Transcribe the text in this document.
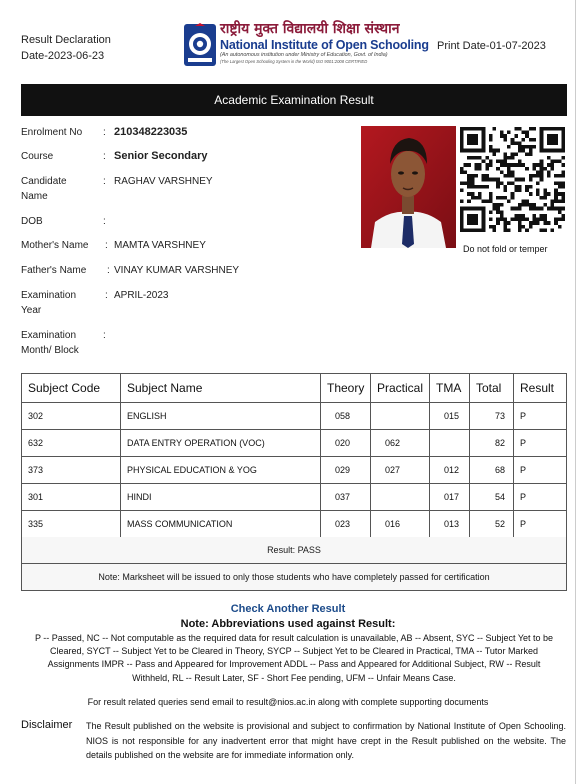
Result Declaration
Date-2023-06-23
राष्ट्रीय मुक्त विद्यालयी शिक्षा संस्थान
National Institute of Open Schooling
(An autonomous institution under Ministry of Education, Govt. of India)
(The Largest Open Schooling System in the World) ISO 9001:2008 CERTIFIED
Print Date-01-07-2023
Academic Examination Result
Enrolment No	: 210348223035
Course	: Senior Secondary
Candidate Name
: RAGHAV VARSHNEY
DOB	:
Mother's Name	: MAMTA VARSHNEY
Father's Name	: VINAY KUMAR VARSHNEY
Examination Year
: APRIL-2023
Examination Month/ Block
:
Do not fold or temper
Subject Code	Subject Name	Theory	Practical	TMA	Total	Result
302	ENGLISH	058		015	73	P
632	DATA ENTRY OPERATION (VOC)	020	062		82	P
373	PHYSICAL EDUCATION & YOG	029	027	012	68	P
301	HINDI	037		017	54	P
335	MASS COMMUNICATION	023	016	013	52	P
Result: PASS
Note: Marksheet will be issued to only those students who have completely passed for certification
Check Another Result
Note: Abbreviations used against Result:
P -- Passed, NC -- Not computable as the required data for result calculation is unavailable, AB -- Absent, SYC -- Subject Yet to be Cleared, SYCT -- Subject Yet to be Cleared in Theory, SYCP -- Subject Yet to be Cleared in Practical, TMA -- Tutor Marked Assignments IMPR -- Pass and Appeared for Improvement ADDL -- Pass and Appeared for Additional Subject, RW -- Result Withheld, RL -- Result Later, SF - Short Fee pending, UFM -- Unfair Means Case.
For result related queries send email to result@nios.ac.in along with complete supporting documents
Disclaimer The Result published on the website is provisional and subject to confirmation by National Institute of Open Schooling. NIOS is not responsible for any inadvertent error that might have crept in the Result published on the website. The details published on the website are for immediate information only.
